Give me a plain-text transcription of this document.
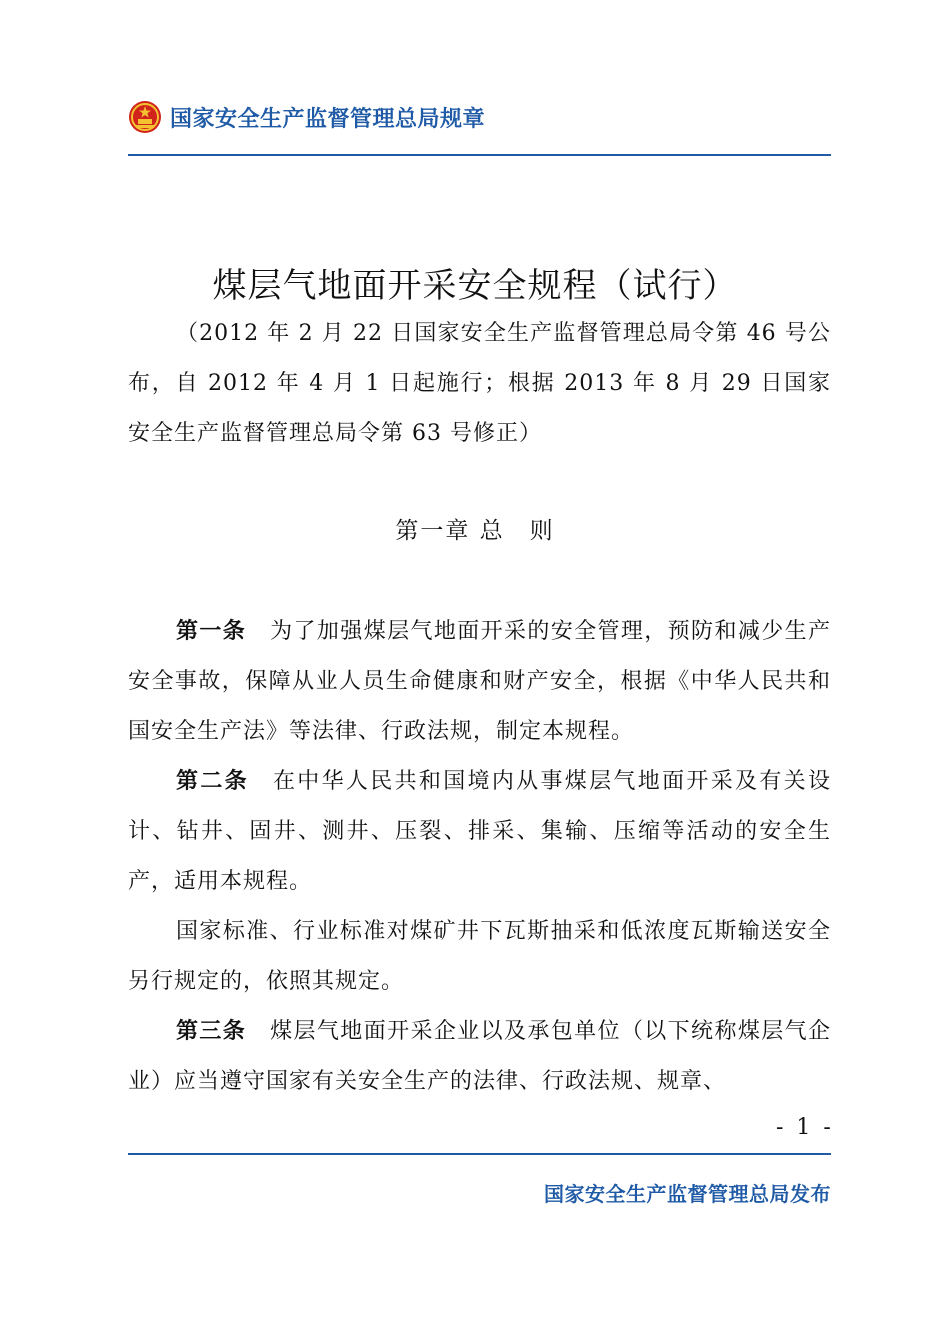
国家安全生产监督管理总局规章
煤层气地面开采安全规程（试行）

（2012 年 2 月 22 日国家安全生产监督管理总局令第 46 号公布，自 2012 年 4 月 1 日起施行；根据 2013 年 8 月 29 日国家安全生产监督管理总局令第 63 号修正）

第一章 总　则

第一条 为了加强煤层气地面开采的安全管理，预防和减少生产安全事故，保障从业人员生命健康和财产安全，根据《中华人民共和国安全生产法》等法律、行政法规，制定本规程。

第二条 在中华人民共和国境内从事煤层气地面开采及有关设计、钻井、固井、测井、压裂、排采、集输、压缩等活动的安全生产，适用本规程。

国家标准、行业标准对煤矿井下瓦斯抽采和低浓度瓦斯输送安全另行规定的，依照其规定。

第三条 煤层气地面开采企业以及承包单位（以下统称煤层气企业）应当遵守国家有关安全生产的法律、行政法规、规章、

- 1 -
国家安全生产监督管理总局发布
